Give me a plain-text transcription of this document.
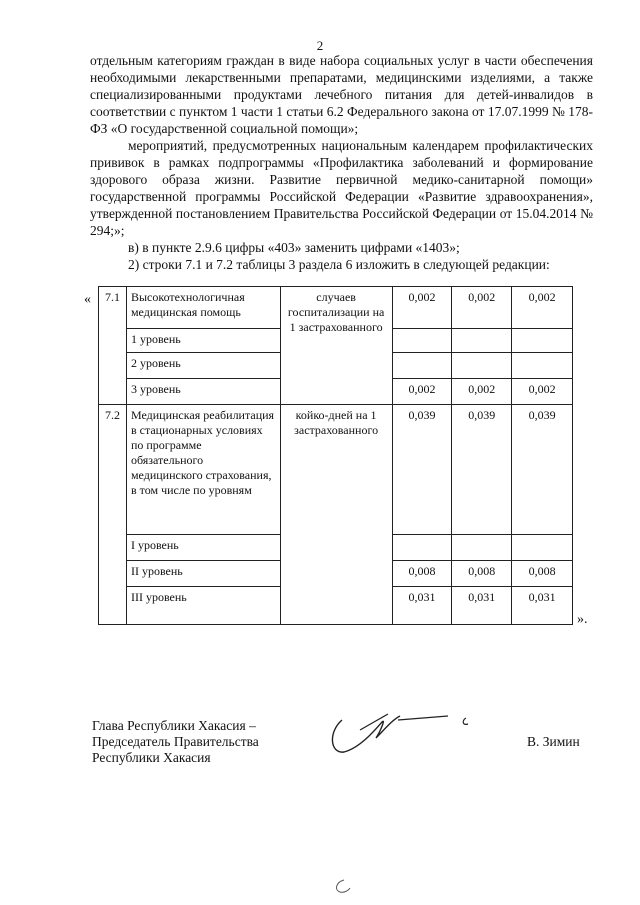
2
отдельным категориям граждан в виде набора социальных услуг в части обеспечения необходимыми лекарственными препаратами, медицинскими изделиями, а также специализированными продуктами лечебного питания для детей-инвалидов в соответствии с пунктом 1 части 1 статьи 6.2 Федерального закона от 17.07.1999 № 178-ФЗ «О государственной социальной помощи»;
мероприятий, предусмотренных национальным календарем профилактических прививок в рамках подпрограммы «Профилактика заболеваний и формирование здорового образа жизни. Развитие первичной медико-санитарной помощи» государственной программы Российской Федерации «Развитие здравоохранения», утвержденной постановлением Правительства Российской Федерации от 15.04.2014 № 294;»;
в) в пункте 2.9.6 цифры «403» заменить цифрами «1403»;
2) строки 7.1 и 7.2 таблицы 3 раздела 6 изложить в следующей редакции:
« 7.1	Высокотехнологичная медицинская помощь	случаев госпитализации на 1 застрахованного	0,002	0,002	0,002
	1 уровень				
	2 уровень				
	3 уровень		0,002	0,002	0,002
7.2	Медицинская реабилитация в стационарных условиях по программе обязательного медицинского страхования, в том числе по уровням	койко-дней на 1 застрахованного	0,039	0,039	0,039
	I уровень				
	II уровень		0,008	0,008	0,008
	III уровень		0,031	0,031	0,031
».
Глава Республики Хакасия –
Председатель Правительства
Республики Хакасия
В. Зимин
